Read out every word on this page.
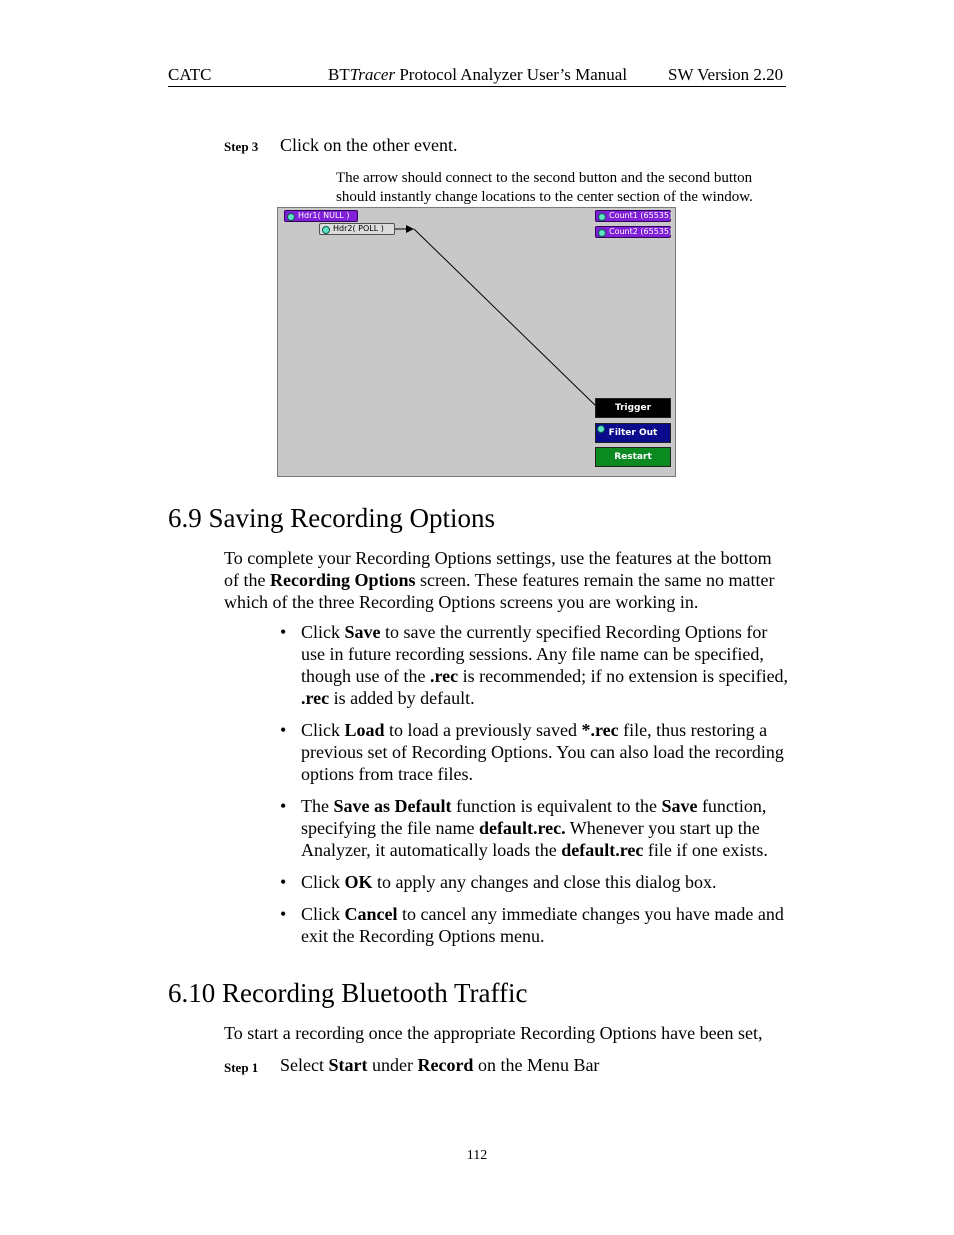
CATC	BTTracer Protocol Analyzer User’s Manual SW Version 2.20
Step 3 Click on the other event.
The arrow should connect to the second button and the second button should instantly change locations to the center section of the window.
Hdr1( NULL )
Hdr2( POLL )
Count1 (65535)
Count2 (65535)
Trigger
Filter Out
Restart
6.9 Saving Recording Options
To complete your Recording Options settings, use the features at the bottom of the Recording Options screen. These features remain the same no matter which of the three Recording Options screens you are working in.
• Click Save to save the currently specified Recording Options for use in future recording sessions. Any file name can be specified, though use of the .rec is recommended; if no extension is specified, .rec is added by default.
• Click Load to load a previously saved *.rec file, thus restoring a previous set of Recording Options. You can also load the recording options from trace files.
• The Save as Default function is equivalent to the Save function, specifying the file name default.rec. Whenever you start up the Analyzer, it automatically loads the default.rec file if one exists.
• Click OK to apply any changes and close this dialog box.
• Click Cancel to cancel any immediate changes you have made and exit the Recording Options menu.
6.10 Recording Bluetooth Traffic
To start a recording once the appropriate Recording Options have been set,
Step 1 Select Start under Record on the Menu Bar
112
